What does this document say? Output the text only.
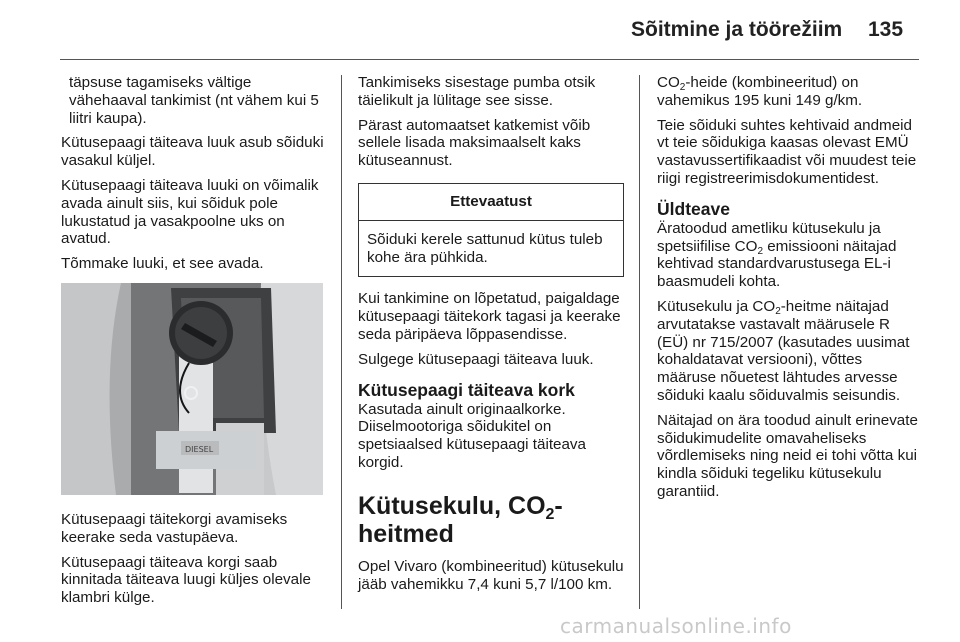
Sõitmine ja töörežiim 135

täpsuse tagamiseks vältige vähehaaval tankimist (nt vähem kui 5 liitri kaupa).

Kütusepaagi täiteava luuk asub sõiduki vasakul küljel.

Kütusepaagi täiteava luuki on võimalik avada ainult siis, kui sõiduk pole lukustatud ja vasakpoolne uks on avatud.

Tõmmake luuki, et see avada.

DIESEL

Kütusepaagi täitekorgi avamiseks keerake seda vastupäeva.

Kütusepaagi täiteava korgi saab kinnitada täiteava luugi küljes olevale klambri külge.

Tankimiseks sisestage pumba otsik täielikult ja lülitage see sisse.

Pärast automaatset katkemist võib sellele lisada maksimaalselt kaks kütuseannust.

Ettevaatust
Sõiduki kerele sattunud kütus tuleb kohe ära pühkida.

Kui tankimine on lõpetatud, paigaldage kütusepaagi täitekork tagasi ja keerake seda päripäeva lõppasendisse.

Sulgege kütusepaagi täiteava luuk.

Kütusepaagi täiteava kork

Kasutada ainult originaalkorke. Diiselmootoriga sõidukitel on spetsiaalsed kütusepaagi täiteava korgid.

Kütusekulu, $CO_2$-heitmed

Opel Vivaro (kombineeritud) kütusekulu jääb vahemikku 7,4 kuni 5,7 l/100 km.

$CO_2$-heide (kombineeritud) on vahemikus 195 kuni 149 g/km.

Teie sõiduki suhtes kehtivaid andmeid vt teie sõidukiga kaasas olevast EMÜ vastavussertifikaadist või muudest teie riigi registreerimisdokumentidest.

Üldteave

Äratoodud ametliku kütusekulu ja spetsiifilise $CO_2$ emissiooni näitajad kehtivad standardvarustusega EL-i baasmudeli kohta.

Kütusekulu ja $CO_2$-heitme näitajad arvutatakse vastavalt määrusele R (EÜ) nr 715/2007 (kasutades uusimat kohaldatavat versiooni), võttes määruse nõuetest lähtudes arvesse sõiduki kaalu sõiduvalmis seisundis.

Näitajad on ära toodud ainult erinevate sõidukimudelite omavaheliseks võrdlemiseks ning neid ei tohi võtta kui kindla sõiduki tegeliku kütusekulu garantiid.

carmanualsonline.info
